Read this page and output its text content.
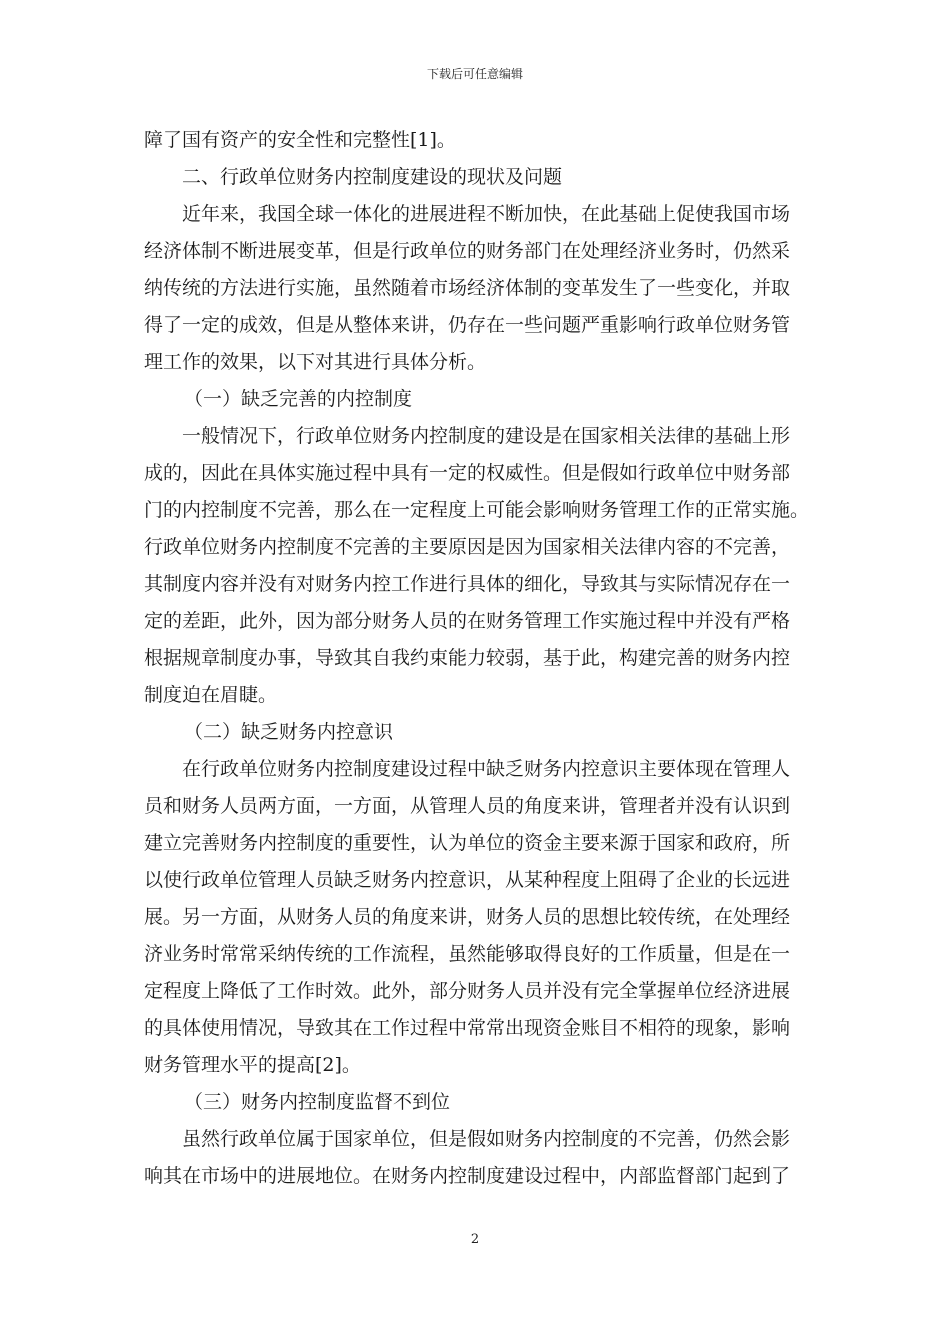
下载后可任意编辑
障了国有资产的安全性和完整性[1]。
二、行政单位财务内控制度建设的现状及问题
近年来，我国全球一体化的进展进程不断加快，在此基础上促使我国市场
经济体制不断进展变革，但是行政单位的财务部门在处理经济业务时，仍然采
纳传统的方法进行实施，虽然随着市场经济体制的变革发生了一些变化，并取
得了一定的成效，但是从整体来讲，仍存在一些问题严重影响行政单位财务管
理工作的效果，以下对其进行具体分析。
（一）缺乏完善的内控制度
一般情况下，行政单位财务内控制度的建设是在国家相关法律的基础上形
成的，因此在具体实施过程中具有一定的权威性。但是假如行政单位中财务部
门的内控制度不完善，那么在一定程度上可能会影响财务管理工作的正常实施。
行政单位财务内控制度不完善的主要原因是因为国家相关法律内容的不完善，
其制度内容并没有对财务内控工作进行具体的细化，导致其与实际情况存在一
定的差距，此外，因为部分财务人员的在财务管理工作实施过程中并没有严格
根据规章制度办事，导致其自我约束能力较弱，基于此，构建完善的财务内控
制度迫在眉睫。
（二）缺乏财务内控意识
在行政单位财务内控制度建设过程中缺乏财务内控意识主要体现在管理人
员和财务人员两方面，一方面，从管理人员的角度来讲，管理者并没有认识到
建立完善财务内控制度的重要性，认为单位的资金主要来源于国家和政府，所
以使行政单位管理人员缺乏财务内控意识，从某种程度上阻碍了企业的长远进
展。另一方面，从财务人员的角度来讲，财务人员的思想比较传统，在处理经
济业务时常常采纳传统的工作流程，虽然能够取得良好的工作质量，但是在一
定程度上降低了工作时效。此外，部分财务人员并没有完全掌握单位经济进展
的具体使用情况，导致其在工作过程中常常出现资金账目不相符的现象，影响
财务管理水平的提高[2]。
（三）财务内控制度监督不到位
虽然行政单位属于国家单位，但是假如财务内控制度的不完善，仍然会影
响其在市场中的进展地位。在财务内控制度建设过程中，内部监督部门起到了
2
